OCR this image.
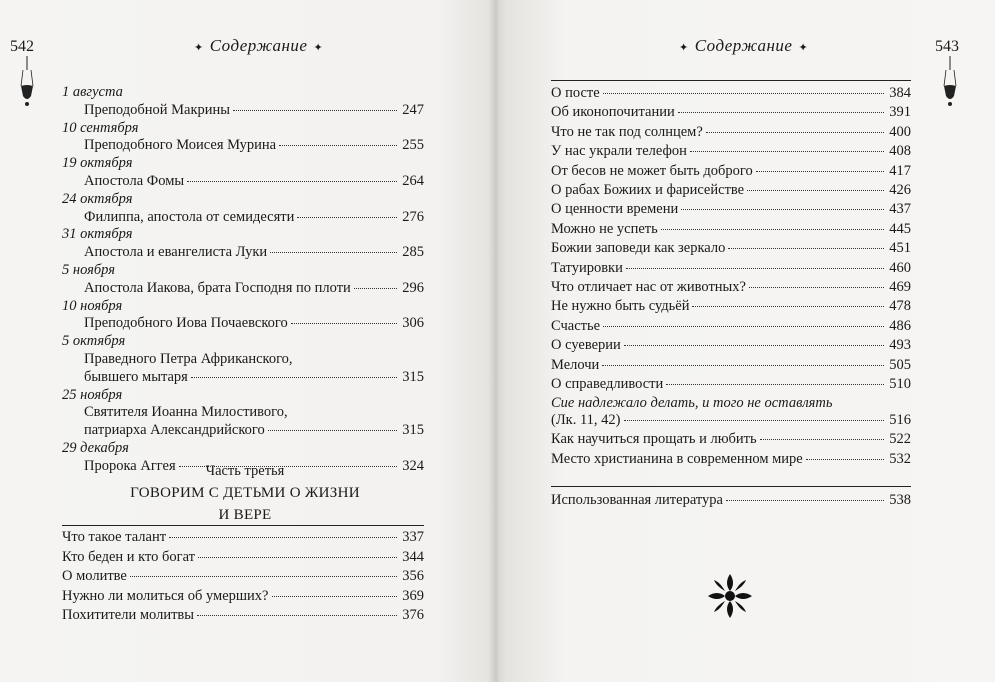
542	✦ Содержание ✦
1 августа
Преподобной Макрины	247
10 сентября
Преподобного Моисея Мурина	255
19 октября
Апостола Фомы	264
24 октября
Филиппа, апостола от семидесяти	276
31 октября
Апостола и евангелиста Луки	285
5 ноября
Апостола Иакова, брата Господня по плоти	296
10 ноября
Преподобного Иова Почаевского	306
5 октября
Праведного Петра Африканского,
бывшего мытаря	315
25 ноября
Святителя Иоанна Милостивого,
патриарха Александрийского	315
29 декабря
Пророка Аггея	324
Часть третья
ГОВОРИМ С ДЕТЬМИ О ЖИЗНИ
И ВЕРЕ
Что такое талант	337
Кто беден и кто богат	344
О молитве	356
Нужно ли молиться об умерших?	369
Похитители молитвы	376
✦ Содержание ✦	543
О посте	384
Об иконопочитании	391
Что не так под солнцем?	400
У нас украли телефон	408
От бесов не может быть доброго	417
О рабах Божиих и фарисействе	426
О ценности времени	437
Можно не успеть	445
Божии заповеди как зеркало	451
Татуировки	460
Что отличает нас от животных?	469
Не нужно быть судьёй	478
Счастье	486
О суеверии	493
Мелочи	505
О справедливости	510
Сие надлежало делать, и того не оставлять
(Лк. 11, 42)	516
Как научиться прощать и любить	522
Место христианина в современном мире	532
Использованная литература	538
